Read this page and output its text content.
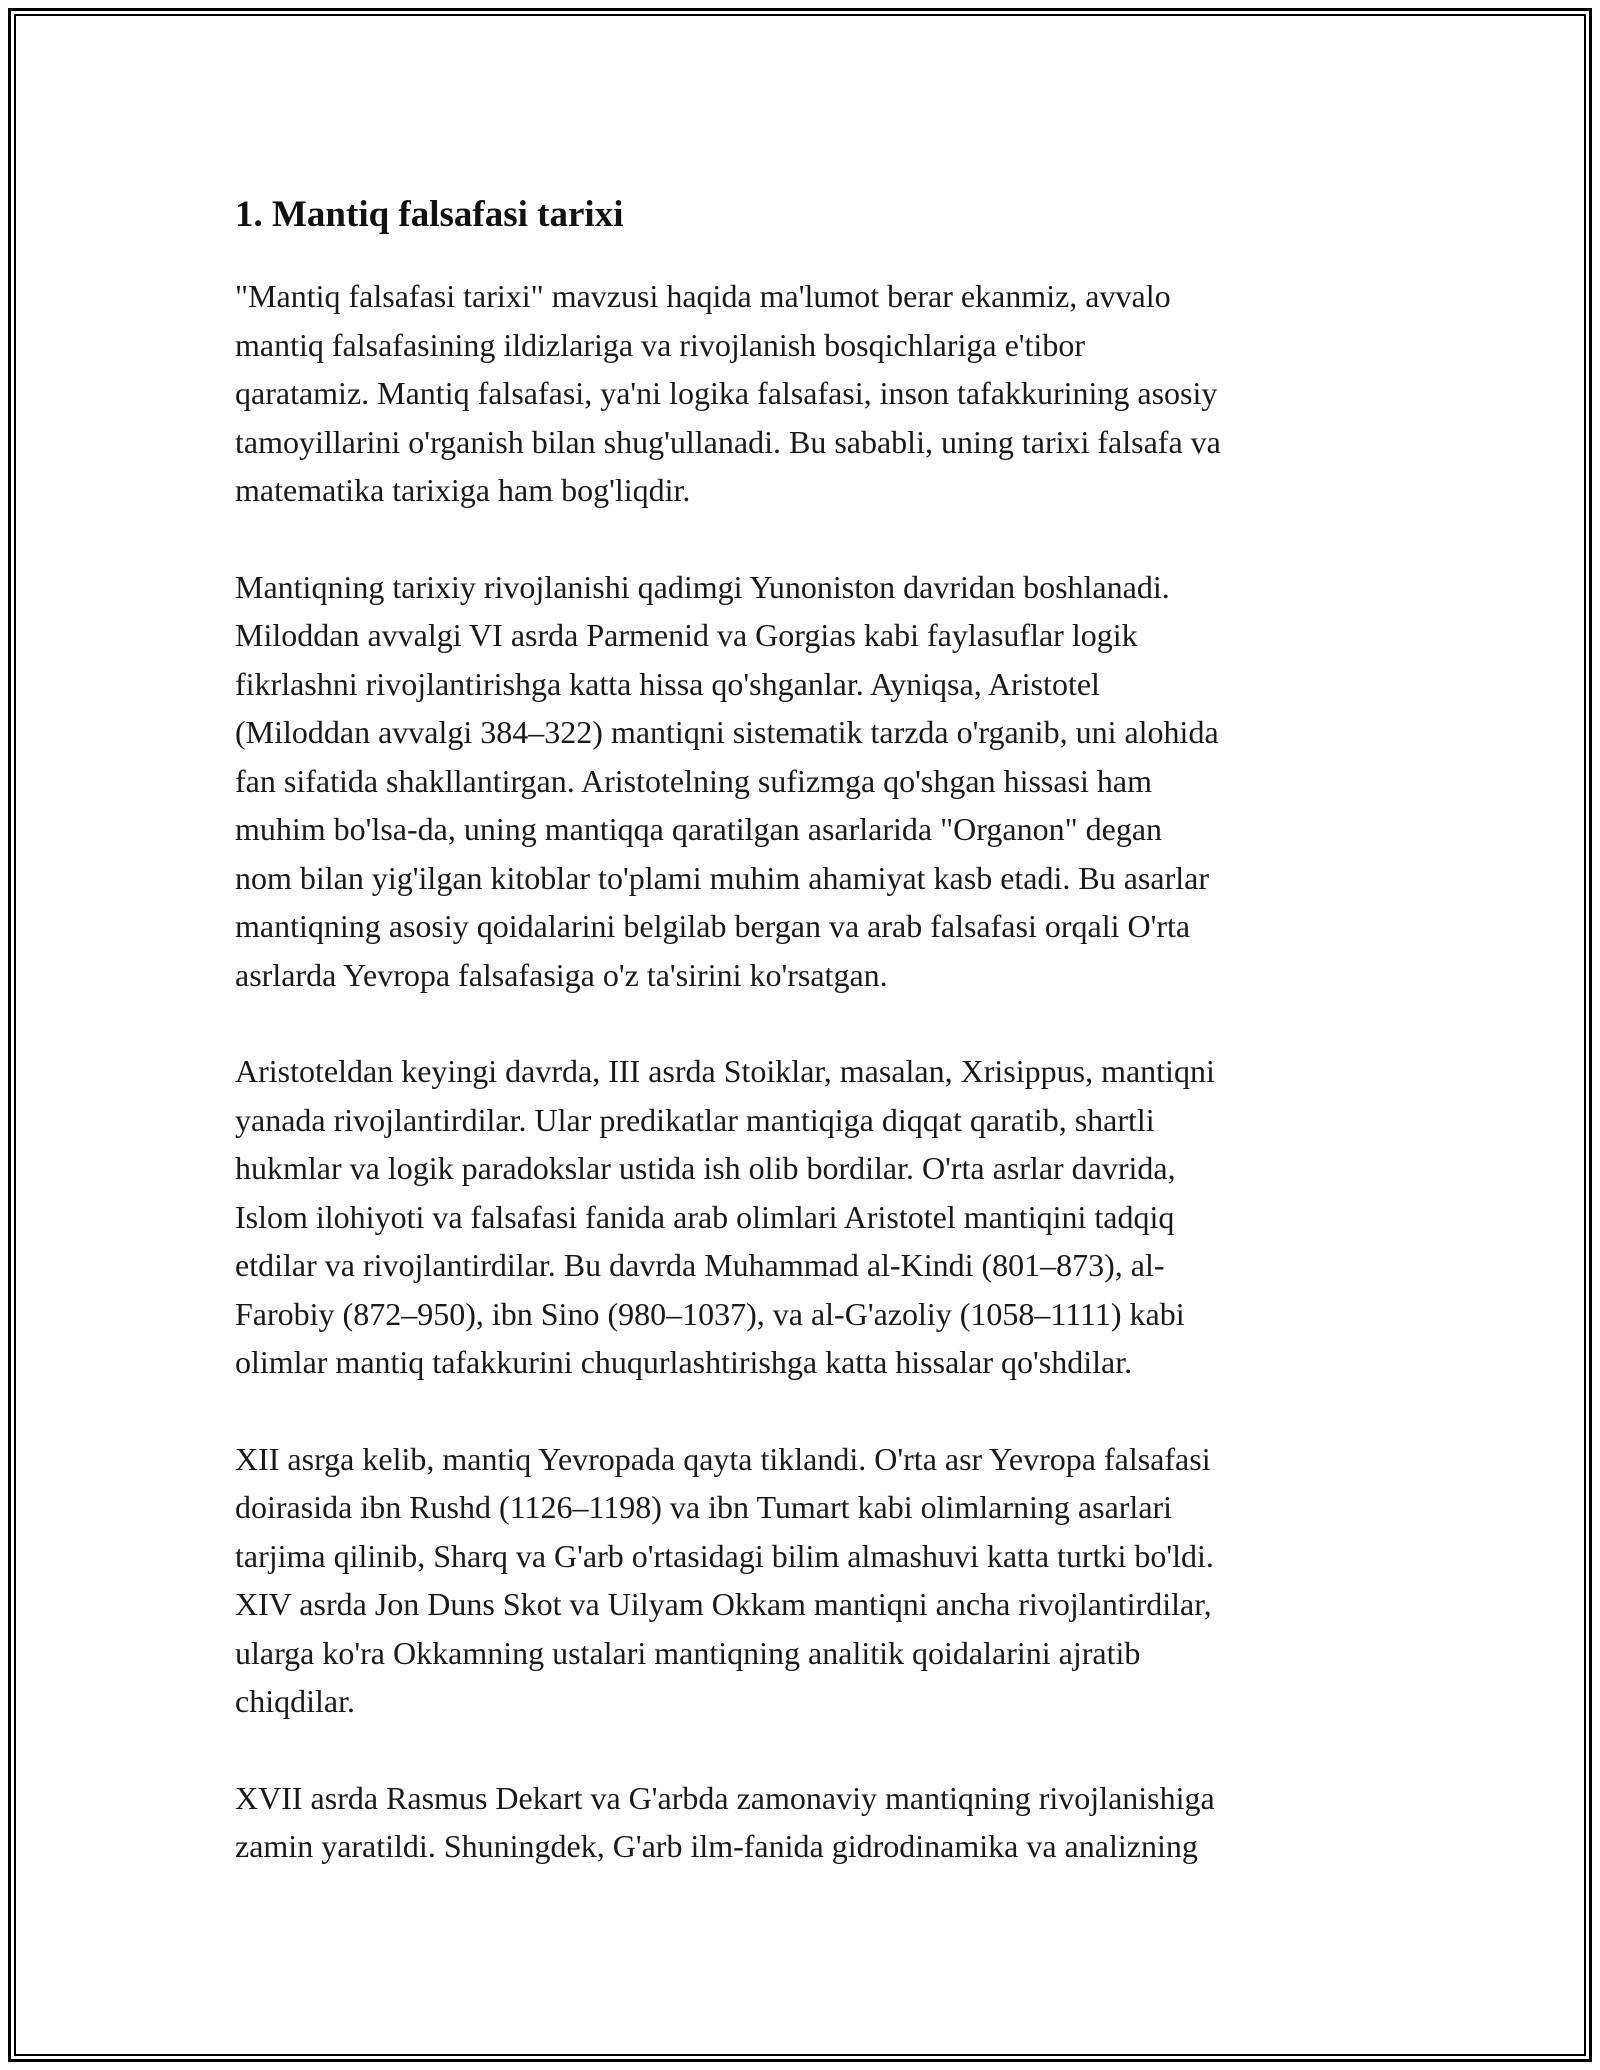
1. Mantiq falsafasi tarixi

"Mantiq falsafasi tarixi" mavzusi haqida ma'lumot berar ekanmiz, avvalo
mantiq falsafasining ildizlariga va rivojlanish bosqichlariga e'tibor
qaratamiz. Mantiq falsafasi, ya'ni logika falsafasi, inson tafakkurining asosiy
tamoyillarini o'rganish bilan shug'ullanadi. Bu sababli, uning tarixi falsafa va
matematika tarixiga ham bog'liqdir.

Mantiqning tarixiy rivojlanishi qadimgi Yunoniston davridan boshlanadi.
Miloddan avvalgi VI asrda Parmenid va Gorgias kabi faylasuflar logik
fikrlashni rivojlantirishga katta hissa qo'shganlar. Ayniqsa, Aristotel
(Miloddan avvalgi 384–322) mantiqni sistematik tarzda o'rganib, uni alohida
fan sifatida shakllantirgan. Aristotelning sufizmga qo'shgan hissasi ham
muhim bo'lsa-da, uning mantiqqa qaratilgan asarlarida "Organon" degan
nom bilan yig'ilgan kitoblar to'plami muhim ahamiyat kasb etadi. Bu asarlar
mantiqning asosiy qoidalarini belgilab bergan va arab falsafasi orqali O'rta
asrlarda Yevropa falsafasiga o'z ta'sirini ko'rsatgan.

Aristoteldan keyingi davrda, III asrda Stoiklar, masalan, Xrisippus, mantiqni
yanada rivojlantirdilar. Ular predikatlar mantiqiga diqqat qaratib, shartli
hukmlar va logik paradokslar ustida ish olib bordilar. O'rta asrlar davrida,
Islom ilohiyoti va falsafasi fanida arab olimlari Aristotel mantiqini tadqiq
etdilar va rivojlantirdilar. Bu davrda Muhammad al-Kindi (801–873), al-
Farobiy (872–950), ibn Sino (980–1037), va al-G'azoliy (1058–1111) kabi
olimlar mantiq tafakkurini chuqurlashtirishga katta hissalar qo'shdilar.

XII asrga kelib, mantiq Yevropada qayta tiklandi. O'rta asr Yevropa falsafasi
doirasida ibn Rushd (1126–1198) va ibn Tumart kabi olimlarning asarlari
tarjima qilinib, Sharq va G'arb o'rtasidagi bilim almashuvi katta turtki bo'ldi.
XIV asrda Jon Duns Skot va Uilyam Okkam mantiqni ancha rivojlantirdilar,
ularga ko'ra Okkamning ustalari mantiqning analitik qoidalarini ajratib
chiqdilar.

XVII asrda Rasmus Dekart va G'arbda zamonaviy mantiqning rivojlanishiga
zamin yaratildi. Shuningdek, G'arb ilm-fanida gidrodinamika va analizning
